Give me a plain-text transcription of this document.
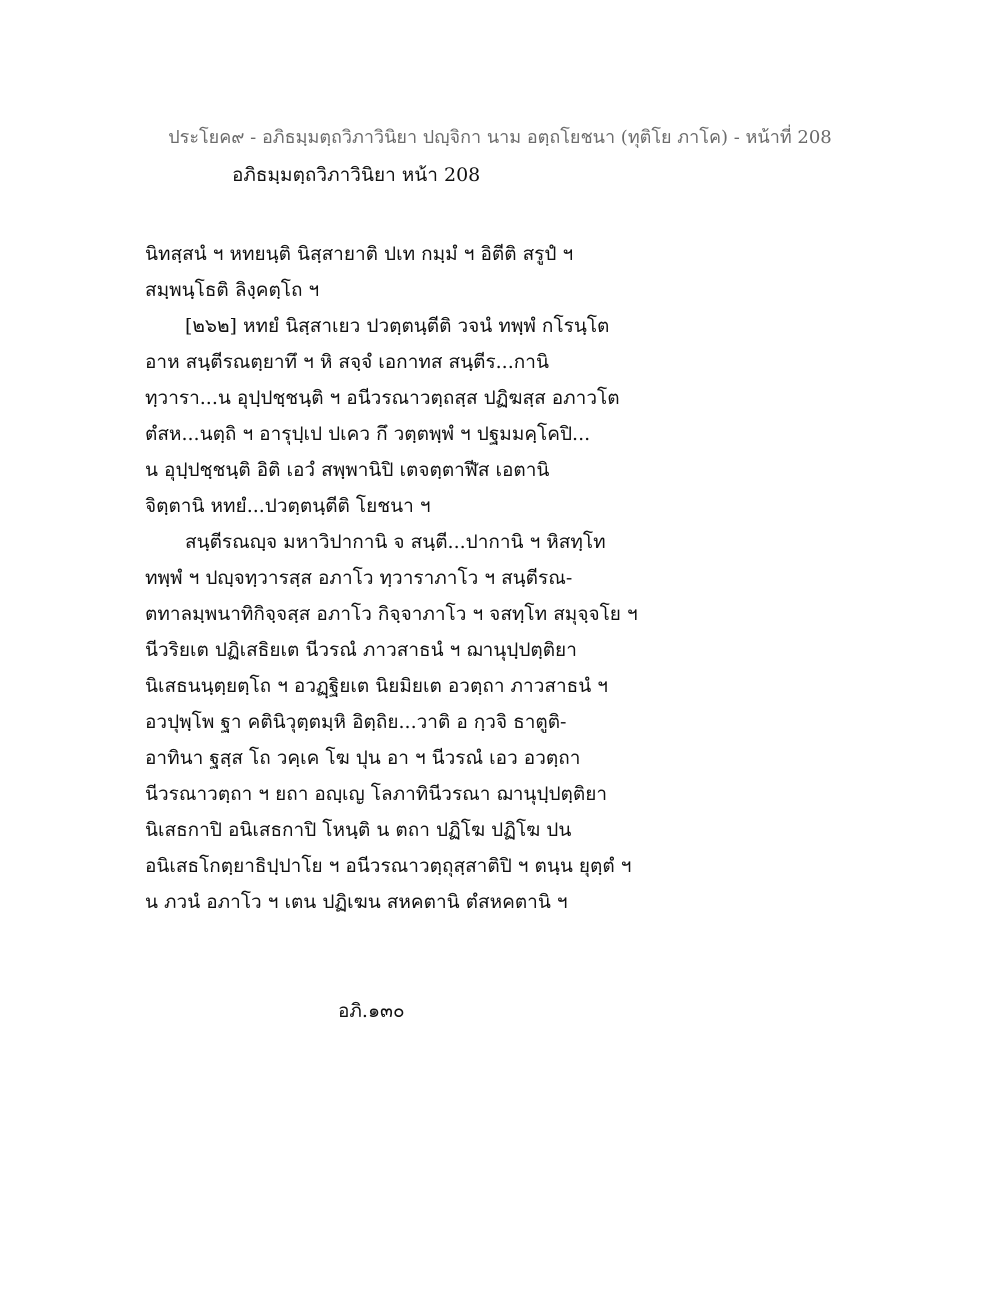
ประโยค๙ - อภิธมฺมตฺถวิภาวินิยา ปญฺจิกา นาม อตฺถโยชนา (ทุติโย ภาโค) - หน้าที่ 208
อภิธมฺมตฺถวิภาวินิยา หน้า 208
นิทสฺสนํ ฯ หทยนฺติ นิสฺสายาติ ปเท กมฺมํ ฯ อิตีติ สรูปํ ฯ
สมฺพนฺโธติ ลิงฺคตฺโถ ฯ
[๒๖๒] หทยํ นิสฺสาเยว ปวตฺตนฺตีติ วจนํ ทพฺพํ กโรนฺโต
อาห สนฺตีรณตฺยาทึ ฯ หิ สจฺจํ เอกาทส สนฺตีร...กานิ
ทฺวารา...น อุปฺปชฺชนฺติ ฯ อนีวรณาวตฺถสฺส ปฏิฆสฺส อภาวโต
ตํสห...นตฺถิ ฯ อารุปฺเป ปเคว กึ วตฺตพฺพํ ฯ ปฐมมคฺโคปิ...
น อุปฺปชฺชนฺติ อิติ เอวํ สพฺพานิปิ เตจตฺตาฬีส เอตานิ
จิตฺตานิ หทยํ...ปวตฺตนฺตีติ โยชนา ฯ
สนฺตีรณญฺจ มหาวิปากานิ จ สนฺตี...ปากานิ ฯ หิสทฺโท
ทพฺพํ ฯ ปญฺจทฺวารสฺส อภาโว ทฺวาราภาโว ฯ สนฺตีรณ-
ตทาลมฺพนาทิกิจฺจสฺส อภาโว กิจฺจาภาโว ฯ จสทฺโท สมุจฺจโย ฯ
นีวริยเต ปฏิเสธิยเต นีวรณํ ภาวสาธนํ ฯ ฌานุปฺปตฺติยา
นิเสธนนฺตฺยตฺโถ ฯ อวฏฺฐิยเต นิยมิยเต อวตฺถา ภาวสาธนํ ฯ
อวปุพฺโพ ฐา คตินิวุตฺตมฺหิ อิตฺถิย...วาติ อ กฺวจิ ธาตูติ-
อาทินา ฐสฺส โถ วคฺเค โฆ ปุน อา ฯ นีวรณํ เอว อวตฺถา
นีวรณาวตฺถา ฯ ยถา อญฺเญ โลภาทินีวรณา ฌานุปฺปตฺติยา
นิเสธกาปิ อนิเสธกาปิ โหนฺติ น ตถา ปฏิโฆ ปฏิโฆ ปน
อนิเสธโกตฺยาธิปฺปาโย ฯ อนีวรณาวตฺถุสฺสาติปิ ฯ ตนฺน ยุตฺตํ ฯ
น ภวนํ อภาโว ฯ เตน ปฏิเฆน สหคตานิ ตํสหคตานิ ฯ
อภิ.๑๓๐
